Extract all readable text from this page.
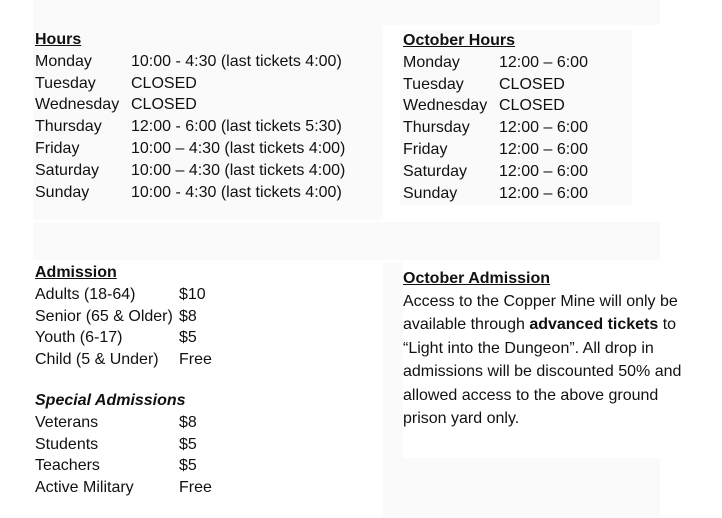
Hours
Monday	10:00 - 4:30 (last tickets 4:00)
Tuesday	CLOSED
Wednesday CLOSED
Thursday	12:00 - 6:00 (last tickets 5:30)
Friday	10:00 – 4:30 (last tickets 4:00)
Saturday	10:00 – 4:30 (last tickets 4:00)
Sunday	10:00 - 4:30 (last tickets 4:00)
October Hours
Monday	12:00 – 6:00
Tuesday	CLOSED
Wednesday CLOSED
Thursday	12:00 – 6:00
Friday	12:00 – 6:00
Saturday	12:00 – 6:00
Sunday	12:00 – 6:00
Admission
Adults (18-64)	$10
Senior (65 & Older) $8
Youth (6-17)	$5
Child (5 & Under)	Free
Special Admissions
Veterans	$8
Students	$5
Teachers	$5
Active Military	Free
October Admission
Access to the Copper Mine will only be available through advanced tickets to “Light into the Dungeon”. All drop in admissions will be discounted 50% and allowed access to the above ground prison yard only.
